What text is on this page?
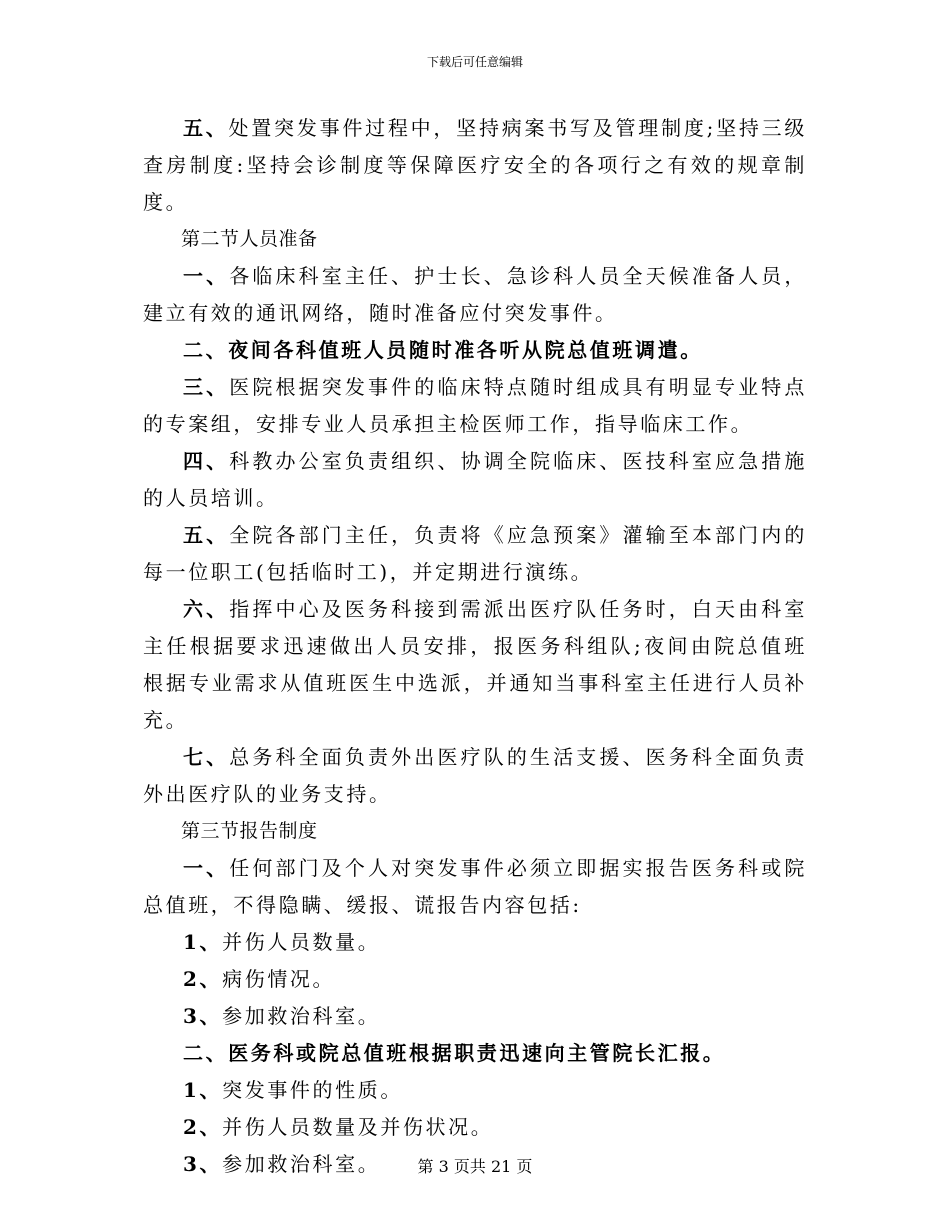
下载后可任意编辑

五、处置突发事件过程中，坚持病案书写及管理制度;坚持三级查房制度:坚持会诊制度等保障医疗安全的各项行之有效的规章制度。

第二节人员准备

一、各临床科室主任、护士长、急诊科人员全天候准备人员，建立有效的通讯网络，随时准备应付突发事件。

二、夜间各科值班人员随时准各听从院总值班调遣。

三、医院根据突发事件的临床特点随时组成具有明显专业特点的专案组，安排专业人员承担主检医师工作，指导临床工作。

四、科教办公室负责组织、协调全院临床、医技科室应急措施的人员培训。

五、全院各部门主任，负责将《应急预案》灌输至本部门内的每一位职工(包括临时工)，并定期进行演练。

六、指挥中心及医务科接到需派出医疗队任务时，白天由科室主任根据要求迅速做出人员安排，报医务科组队;夜间由院总值班根据专业需求从值班医生中选派，并通知当事科室主任进行人员补充。

七、总务科全面负责外出医疗队的生活支援、医务科全面负责外出医疗队的业务支持。

第三节报告制度

一、任何部门及个人对突发事件必须立即据实报告医务科或院总值班，不得隐瞒、缓报、谎报告内容包括:

1、并伤人员数量。

2、病伤情况。

3、参加救治科室。

二、医务科或院总值班根据职责迅速向主管院长汇报。

1、突发事件的性质。

2、并伤人员数量及并伤状况。

3、参加救治科室。	第 3 页共 21 页
